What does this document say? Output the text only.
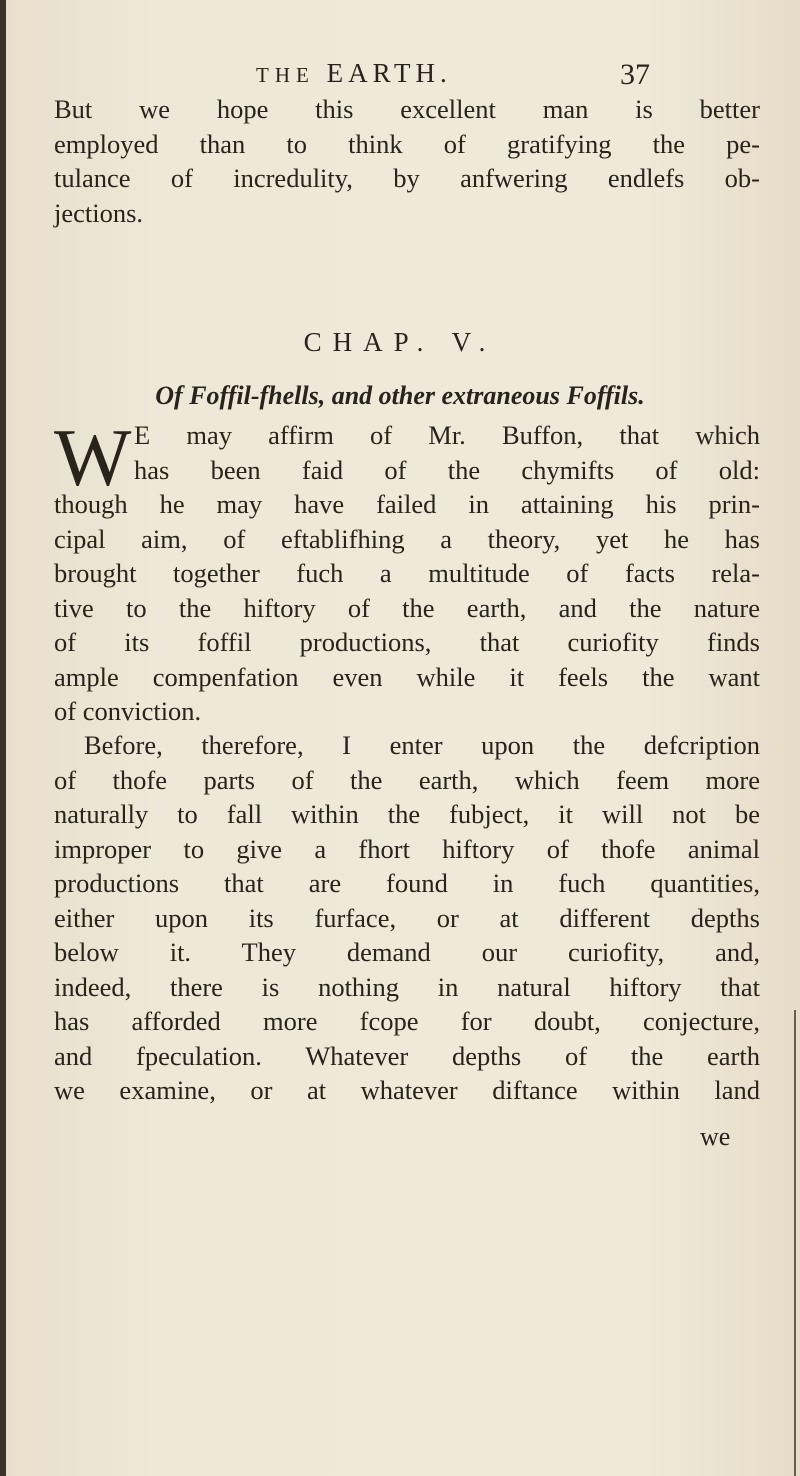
THE EARTH.	37
But we hope this excellent man is better
employed than to think of gratifying the pe-
tulance of incredulity, by anfwering endlefs ob-
jections.
CHAP. V.
Of Foffil-fhells, and other extraneous Foffils.
W E may affirm of Mr. Buffon, that which
has been faid of the chymifts of old:
though he may have failed in attaining his prin-
cipal aim, of eftablifhing a theory, yet he has
brought together fuch a multitude of facts rela-
tive to the hiftory of the earth, and the nature
of its foffil productions, that curiofity finds
ample compenfation even while it feels the want
of conviction.
Before, therefore, I enter upon the defcription
of thofe parts of the earth, which feem more
naturally to fall within the fubject, it will not be
improper to give a fhort hiftory of thofe animal
productions that are found in fuch quantities,
either upon its furface, or at different depths
below it. They demand our curiofity, and,
indeed, there is nothing in natural hiftory that
has afforded more fcope for doubt, conjecture,
and fpeculation. Whatever depths of the earth
we examine, or at whatever diftance within land
we
